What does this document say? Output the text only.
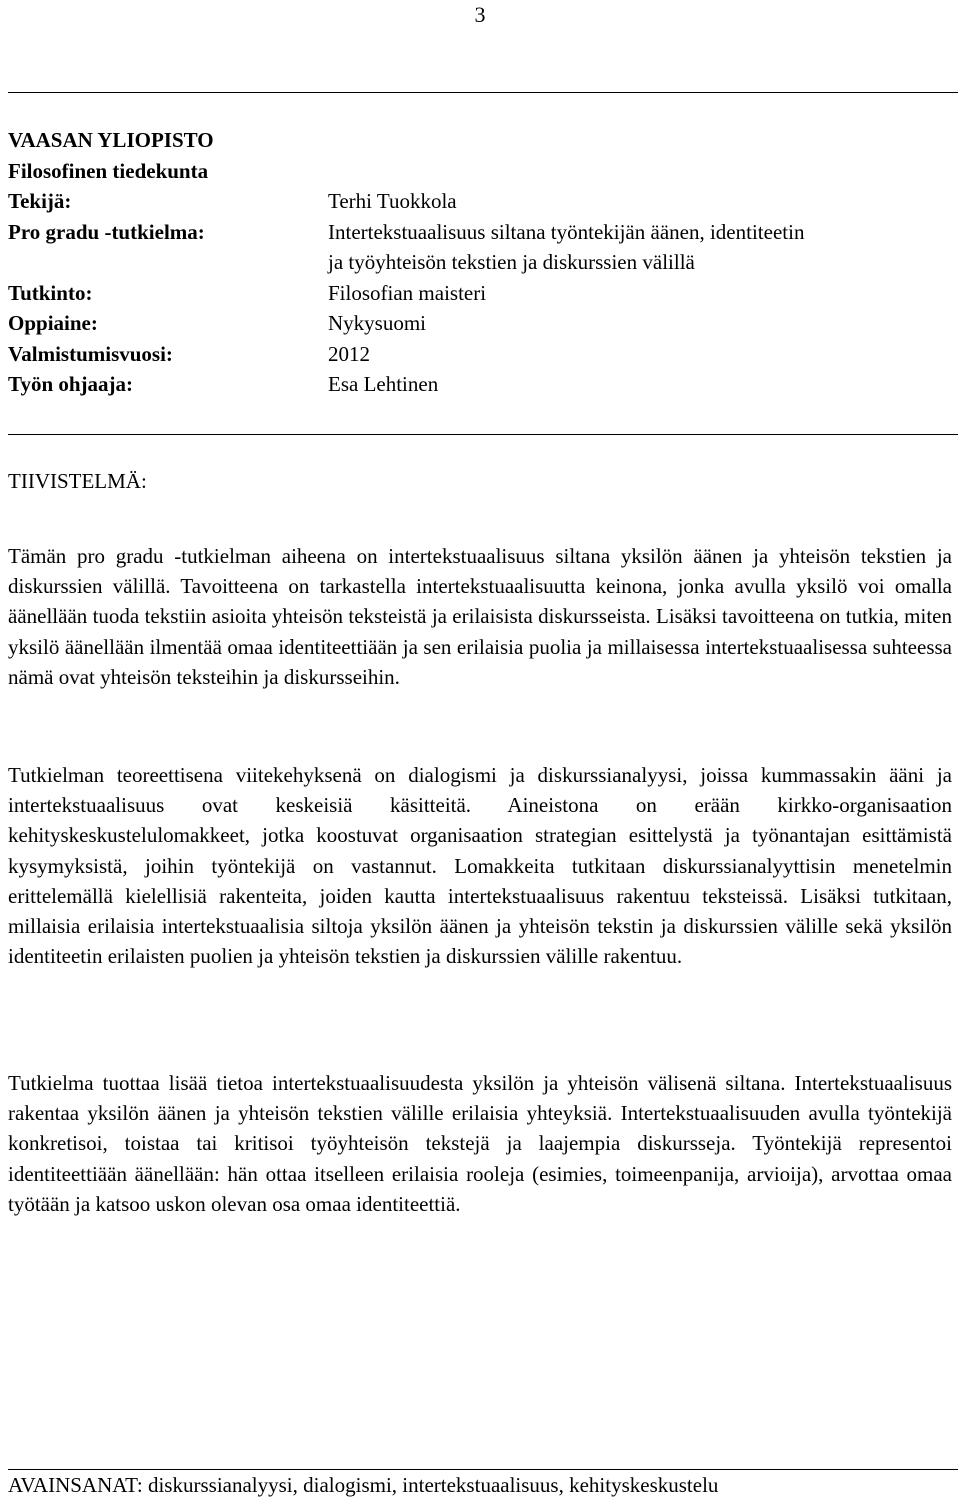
3
VAASAN YLIOPISTO
Filosofinen tiedekunta
Tekijä:	Terhi Tuokkola
Pro gradu -tutkielma:	Intertekstuaalisuus siltana työntekijän äänen, identiteetin
ja työyhteisön tekstien ja diskurssien välillä
Tutkinto:	Filosofian maisteri
Oppiaine:	Nykysuomi
Valmistumisvuosi:	2012
Työn ohjaaja:	Esa Lehtinen
TIIVISTELMÄ:

Tämän pro gradu -tutkielman aiheena on intertekstuaalisuus siltana yksilön äänen ja yhteisön tekstien ja diskurssien välillä. Tavoitteena on tarkastella intertekstuaalisuutta keinona, jonka avulla yksilö voi omalla äänellään tuoda tekstiin asioita yhteisön teksteistä ja erilaisista diskursseista. Lisäksi tavoitteena on tutkia, miten yksilö äänellään ilmentää omaa identiteettiään ja sen erilaisia puolia ja millaisessa intertekstuaalisessa suhteessa nämä ovat yhteisön teksteihin ja diskursseihin.

Tutkielman teoreettisena viitekehyksenä on dialogismi ja diskurssianalyysi, joissa kummassakin ääni ja intertekstuaalisuus ovat keskeisiä käsitteitä. Aineistona on erään kirkko-organisaation kehityskeskustelulomakkeet, jotka koostuvat organisaation strategian esittelystä ja työnantajan esittämistä kysymyksistä, joihin työntekijä on vastannut. Lomakkeita tutkitaan diskurssianalyyttisin menetelmin erittelemällä kielellisiä rakenteita, joiden kautta intertekstuaalisuus rakentuu teksteissä. Lisäksi tutkitaan, millaisia erilaisia intertekstuaalisia siltoja yksilön äänen ja yhteisön tekstin ja diskurssien välille sekä yksilön identiteetin erilaisten puolien ja yhteisön tekstien ja diskurssien välille rakentuu.

Tutkielma tuottaa lisää tietoa intertekstuaalisuudesta yksilön ja yhteisön välisenä siltana. Intertekstuaalisuus rakentaa yksilön äänen ja yhteisön tekstien välille erilaisia yhteyksiä. Intertekstuaalisuuden avulla työntekijä konkretisoi, toistaa tai kritisoi työyhteisön tekstejä ja laajempia diskursseja. Työntekijä representoi identiteettiään äänellään: hän ottaa itselleen erilaisia rooleja (esimies, toimeenpanija, arvioija), arvottaa omaa työtään ja katsoo uskon olevan osa omaa identiteettiä.

AVAINSANAT: diskurssianalyysi, dialogismi, intertekstuaalisuus, kehityskeskustelu
